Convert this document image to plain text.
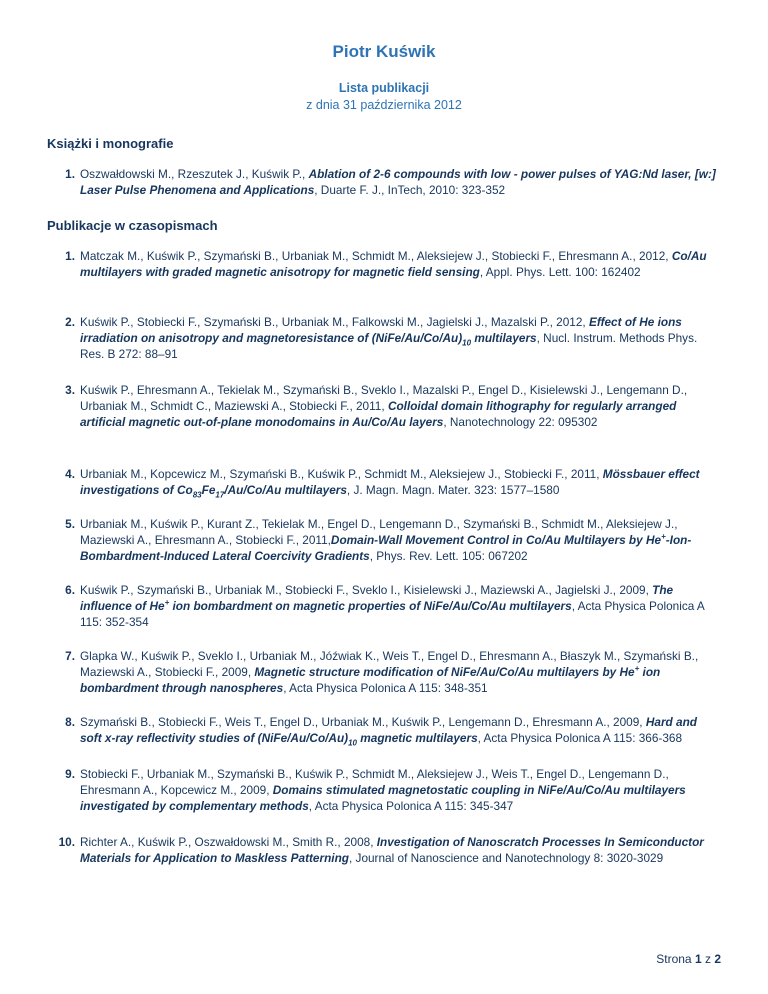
Piotr Kuświk
Lista publikacji
z dnia 31 października 2012
Książki i monografie
1. Oszwałdowski M., Rzeszutek J., Kuświk P., Ablation of 2-6 compounds with low - power pulses of YAG:Nd laser, [w:] Laser Pulse Phenomena and Applications, Duarte F. J., InTech, 2010: 323-352
Publikacje w czasopismach
1. Matczak M., Kuświk P., Szymański B., Urbaniak M., Schmidt M., Aleksiejew J., Stobiecki F., Ehresmann A., 2012, Co/Au multilayers with graded magnetic anisotropy for magnetic field sensing, Appl. Phys. Lett. 100: 162402
2. Kuświk P., Stobiecki F., Szymański B., Urbaniak M., Falkowski M., Jagielski J., Mazalski P., 2012, Effect of He ions irradiation on anisotropy and magnetoresistance of $(NiFe/Au/Co/Au)_{10}$ multilayers, Nucl. Instrum. Methods Phys. Res. B 272: 88–91
3. Kuświk P., Ehresmann A., Tekielak M., Szymański B., Sveklo I., Mazalski P., Engel D., Kisielewski J., Lengemann D., Urbaniak M., Schmidt C., Maziewski A., Stobiecki F., 2011, Colloidal domain lithography for regularly arranged artificial magnetic out-of-plane monodomains in Au/Co/Au layers, Nanotechnology 22: 095302
4. Urbaniak M., Kopcewicz M., Szymański B., Kuświk P., Schmidt M., Aleksiejew J., Stobiecki F., 2011, Mössbauer effect investigations of $Co_{83}Fe_{17}/Au/Co/Au$ multilayers, J. Magn. Magn. Mater. 323: 1577–1580
5. Urbaniak M., Kuświk P., Kurant Z., Tekielak M., Engel D., Lengemann D., Szymański B., Schmidt M., Aleksiejew J., Maziewski A., Ehresmann A., Stobiecki F., 2011,Domain-Wall Movement Control in Co/Au Multilayers by He+-Ion-Bombardment-Induced Lateral Coercivity Gradients, Phys. Rev. Lett. 105: 067202
6. Kuświk P., Szymański B., Urbaniak M., Stobiecki F., Sveklo I., Kisielewski J., Maziewski A., Jagielski J., 2009, The influence of He+ ion bombardment on magnetic properties of NiFe/Au/Co/Au multilayers, Acta Physica Polonica A 115: 352-354
7. Glapka W., Kuświk P., Sveklo I., Urbaniak M., Jóźwiak K., Weis T., Engel D., Ehresmann A., Błaszyk M., Szymański B., Maziewski A., Stobiecki F., 2009, Magnetic structure modification of NiFe/Au/Co/Au multilayers by He+ ion bombardment through nanospheres, Acta Physica Polonica A 115: 348-351
8. Szymański B., Stobiecki F., Weis T., Engel D., Urbaniak M., Kuświk P., Lengemann D., Ehresmann A., 2009, Hard and soft x-ray reflectivity studies of $(NiFe/Au/Co/Au)_{10}$ magnetic multilayers, Acta Physica Polonica A 115: 366-368
9. Stobiecki F., Urbaniak M., Szymański B., Kuświk P., Schmidt M., Aleksiejew J., Weis T., Engel D., Lengemann D., Ehresmann A., Kopcewicz M., 2009, Domains stimulated magnetostatic coupling in NiFe/Au/Co/Au multilayers investigated by complementary methods, Acta Physica Polonica A 115: 345-347
10. Richter A., Kuświk P., Oszwałdowski M., Smith R., 2008, Investigation of Nanoscratch Processes In Semiconductor Materials for Application to Maskless Patterning, Journal of Nanoscience and Nanotechnology 8: 3020-3029
Strona 1 z 2
